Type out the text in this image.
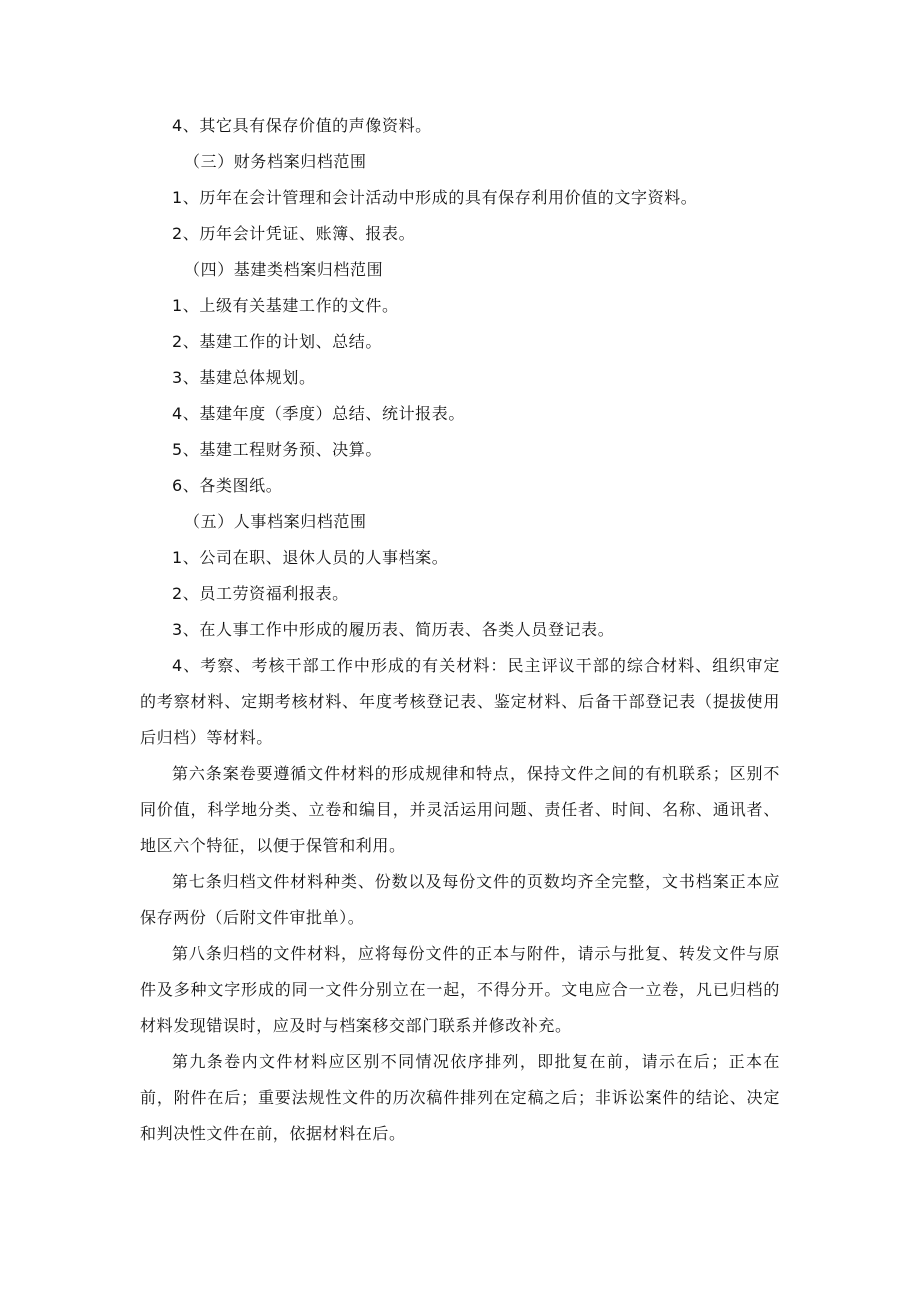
4、其它具有保存价值的声像资料。
（三）财务档案归档范围
1、历年在会计管理和会计活动中形成的具有保存利用价值的文字资料。
2、历年会计凭证、账簿、报表。
（四）基建类档案归档范围
1、上级有关基建工作的文件。
2、基建工作的计划、总结。
3、基建总体规划。
4、基建年度（季度）总结、统计报表。
5、基建工程财务预、决算。
6、各类图纸。
（五）人事档案归档范围
1、公司在职、退休人员的人事档案。
2、员工劳资福利报表。
3、在人事工作中形成的履历表、简历表、各类人员登记表。

4、考察、考核干部工作中形成的有关材料：民主评议干部的综合材料、组织审定的考察材料、定期考核材料、年度考核登记表、鉴定材料、后备干部登记表（提拔使用后归档）等材料。

第六条案卷要遵循文件材料的形成规律和特点，保持文件之间的有机联系；区别不同价值，科学地分类、立卷和编目，并灵活运用问题、责任者、时间、名称、通讯者、地区六个特征，以便于保管和利用。

第七条归档文件材料种类、份数以及每份文件的页数均齐全完整，文书档案正本应保存两份（后附文件审批单）。

第八条归档的文件材料，应将每份文件的正本与附件，请示与批复、转发文件与原件及多种文字形成的同一文件分别立在一起，不得分开。文电应合一立卷，凡已归档的材料发现错误时，应及时与档案移交部门联系并修改补充。

第九条卷内文件材料应区别不同情况依序排列，即批复在前，请示在后；正本在前，附件在后；重要法规性文件的历次稿件排列在定稿之后；非诉讼案件的结论、决定和判决性文件在前，依据材料在后。
